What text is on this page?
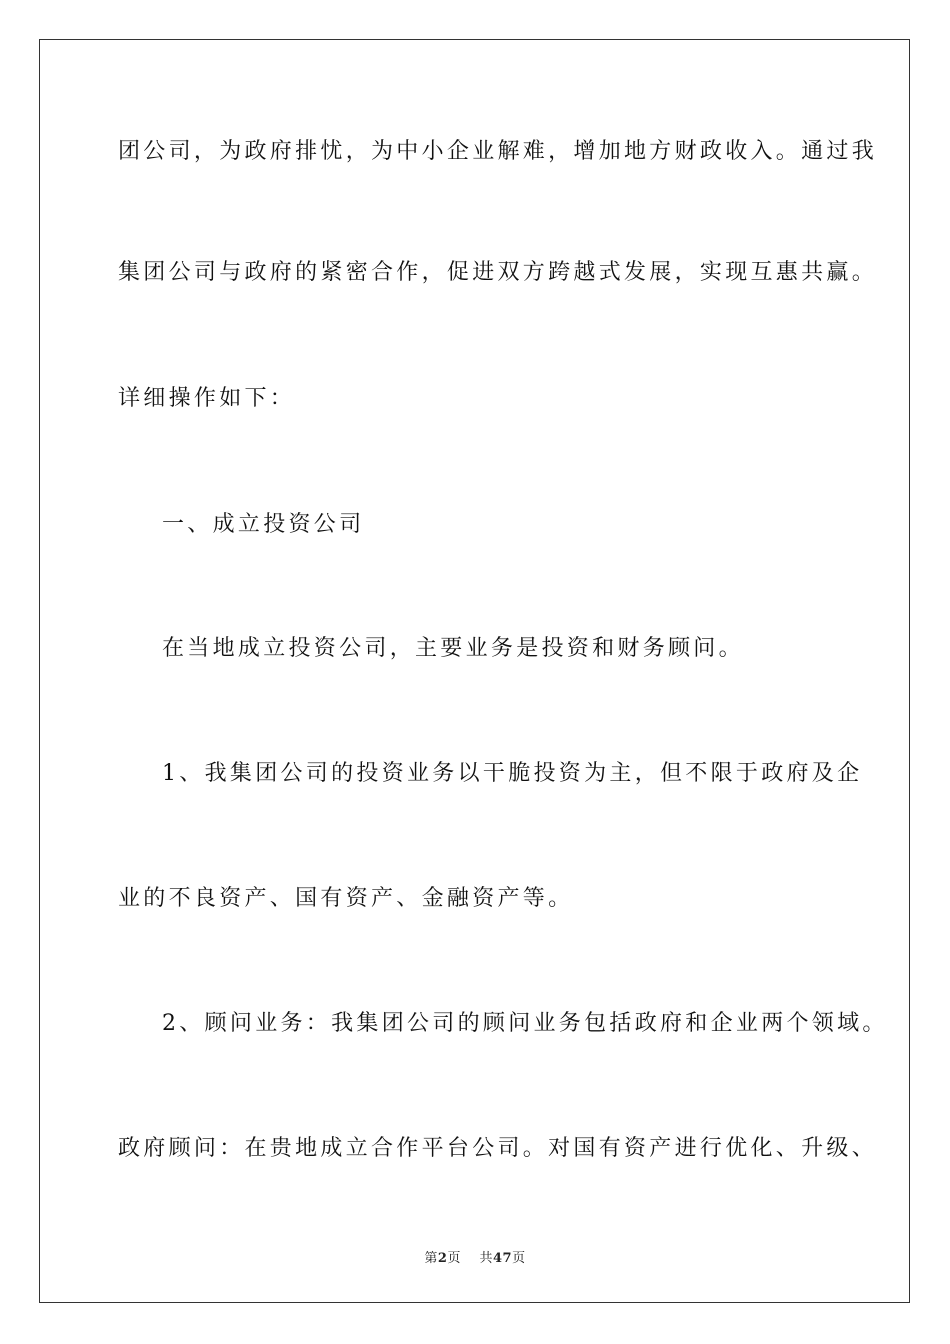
团公司，为政府排忧，为中小企业解难，增加地方财政收入。通过我
集团公司与政府的紧密合作，促进双方跨越式发展，实现互惠共赢。
详细操作如下：
一、成立投资公司
在当地成立投资公司，主要业务是投资和财务顾问。
1、我集团公司的投资业务以干脆投资为主，但不限于政府及企
业的不良资产、国有资产、金融资产等。
2、顾问业务：我集团公司的顾问业务包括政府和企业两个领域。
政府顾问：在贵地成立合作平台公司。对国有资产进行优化、升级、
第2页 共47页
